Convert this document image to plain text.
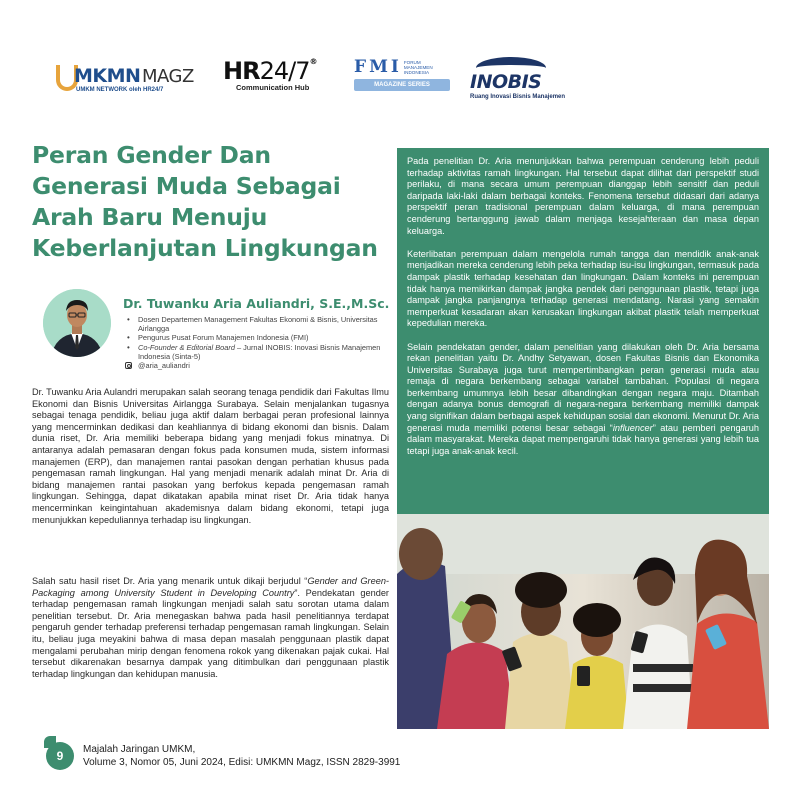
MKMN MAGZ
UMKM NETWORK oleh HR24/7
HR24/7®
Communication Hub
FMI FORUM
MANAJEMEN
INDONESIA
MAGAZINE SERIES	INOBIS
Ruang Inovasi Bisnis Manajemen
Peran Gender Dan Generasi Muda Sebagai Arah Baru Menuju Keberlanjutan Lingkungan
Dr. Tuwanku Aria Auliandri, S.E.,M.Sc.
• Dosen Departemen Management Fakultas Ekonomi & Bisnis, Universitas Airlangga
• Pengurus Pusat Forum Manajemen Indonesia (FMI)
• Co-Founder & Editorial Board – Jurnal INOBIS: Inovasi Bisnis Manajemen Indonesia (Sinta-5)
@aria_auliandri

Dr. Tuwanku Aria Aulandri merupakan salah seorang tenaga pendidik dari Fakultas Ilmu Ekonomi dan Bisnis Universitas Airlangga Surabaya. Selain menjalankan tugasnya sebagai tenaga pendidik, beliau juga aktif dalam berbagai peran profesional lainnya yang mencerminkan dedikasi dan keahliannya di bidang ekonomi dan bisnis. Dalam dunia riset, Dr. Aria memiliki beberapa bidang yang menjadi fokus minatnya. Di antaranya adalah pemasaran dengan fokus pada konsumen muda, sistem informasi manajemen (ERP), dan manajemen rantai pasokan dengan perhatian khusus pada pengemasan ramah lingkungan. Hal yang menjadi menarik adalah minat Dr. Aria di bidang manajemen rantai pasokan yang berfokus kepada pengemasan ramah lingkungan. Sehingga, dapat dikatakan apabila minat riset Dr. Aria tidak hanya mencerminkan keingintahuan akademisnya dalam bidang ekonomi, tetapi juga menunjukkan kepeduliannya terhadap isu lingkungan.

Salah satu hasil riset Dr. Aria yang menarik untuk dikaji berjudul “Gender and Green-Packaging among University Student in Developing Country”. Pendekatan gender terhadap pengemasan ramah lingkungan menjadi salah satu sorotan utama dalam penelitian tersebut. Dr. Aria menegaskan bahwa pada hasil penelitiannya terdapat pengaruh gender terhadap preferensi terhadap pengemasan ramah lingkungan. Selain itu, beliau juga meyakini bahwa di masa depan masalah penggunaan plastik dapat mengalami perubahan mirip dengan fenomena rokok yang dikenakan pajak cukai. Hal tersebut dikarenakan besarnya dampak yang ditimbulkan dari penggunaan plastik terhadap lingkungan dan kehidupan manusia.

Pada penelitian Dr. Aria menunjukkan bahwa perempuan cenderung lebih peduli terhadap aktivitas ramah lingkungan. Hal tersebut dapat dilihat dari perspektif studi perilaku, di mana secara umum perempuan dianggap lebih sensitif dan peduli daripada laki-laki dalam berbagai konteks. Fenomena tersebut didasari dari adanya perspektif peran tradisional perempuan dalam keluarga, di mana perempuan cenderung bertanggung jawab dalam menjaga kesejahteraan dan masa depan keluarga.

Keterlibatan perempuan dalam mengelola rumah tangga dan mendidik anak-anak menjadikan mereka cenderung lebih peka terhadap isu-isu lingkungan, termasuk pada dampak plastik terhadap kesehatan dan lingkungan. Dalam konteks ini perempuan tidak hanya memikirkan dampak jangka pendek dari penggunaan plastik, tetapi juga dampak jangka panjangnya terhadap generasi mendatang. Narasi yang semakin memperkuat kesadaran akan kerusakan lingkungan akibat plastik telah memperkuat kepedulian mereka.

Selain pendekatan gender, dalam penelitian yang dilakukan oleh Dr. Aria bersama rekan penelitian yaitu Dr. Andhy Setyawan, dosen Fakultas Bisnis dan Ekonomika Universitas Surabaya juga turut mempertimbangkan peran generasi muda atau remaja di negara berkembang sebagai variabel tambahan. Populasi di negara berkembang umumnya lebih besar dibandingkan dengan negara maju. Ditambah dengan adanya bonus demografi di negara-negara berkembang memiliki dampak yang signifikan dalam berbagai aspek kehidupan sosial dan ekonomi. Menurut Dr. Aria generasi muda memiliki potensi besar sebagai “influencer” atau pemberi pengaruh dalam masyarakat. Mereka dapat mempengaruhi tidak hanya generasi yang lebih tua tetapi juga anak-anak kecil.

9	Majalah Jaringan UMKM,
Volume 3, Nomor 05, Juni 2024, Edisi: UMKMN Magz, ISSN 2829-3991
